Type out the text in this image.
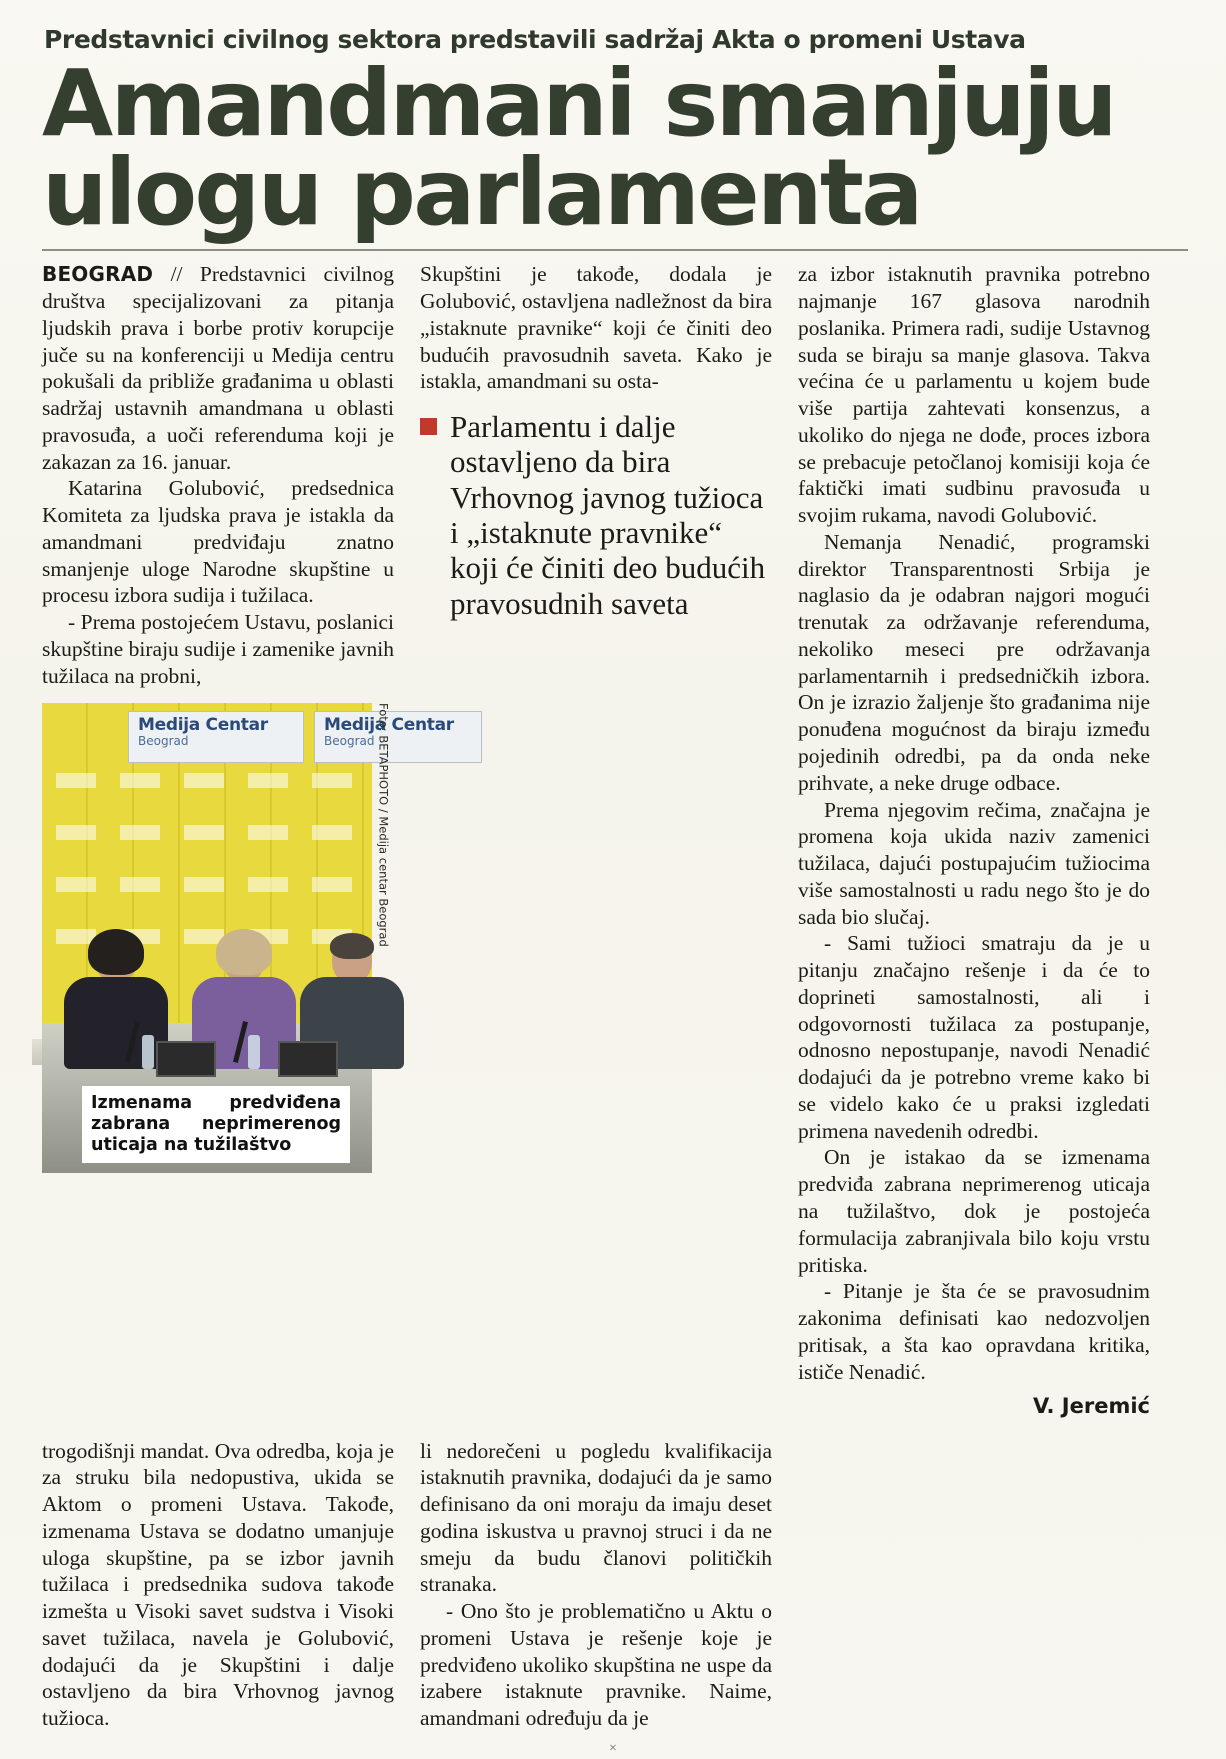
Predstavnici civilnog sektora predstavili sadržaj Akta o promeni Ustava
Amandmani smanjuju
ulogu parlamenta

BEOGRAD // Predstavnici civilnog društva specijalizovani za pitanja ljudskih prava i borbe protiv korupcije juče su na konferenciji u Medija centru pokušali da približe građanima u oblasti sadržaj ustavnih amandmana u oblasti pravosuđa, a uoči referenduma koji je zakazan za 16. januar.

Katarina Golubović, predsednica Komiteta za ljudska prava je istakla da amandmani predviđaju znatno smanjenje uloge Narodne skupštine u procesu izbora sudija i tužilaca.

- Prema postojećem Ustavu, poslanici skupštine biraju sudije i zamenike javnih tužilaca na probni,

Medija Centar
Beograd
Medija Centar
Beograd
Izmenama predviđena zabrana neprimerenog uticaja na tužilaštvo
Foto: BETAPHOTO / Medija centar Beograd

Skupštini je takođe, dodala je Golubović, ostavljena nadležnost da bira „istaknute pravnike“ koji će činiti deo budućih pravosudnih saveta. Kako je istakla, amandmani su osta-

Parlamentu i dalje ostavljeno da bira Vrhovnog javnog tužioca i „istaknute pravnike“ koji će činiti deo budućih pravosudnih saveta

za izbor istaknutih pravnika potrebno najmanje 167 glasova narodnih poslanika. Primera radi, sudije Ustavnog suda se biraju sa manje glasova. Takva većina će u parlamentu u kojem bude više partija zahtevati konsenzus, a ukoliko do njega ne dođe, proces izbora se prebacuje petočlanoj komisiji koja će faktički imati sudbinu pravosuđa u svojim rukama, navodi Golubović.

Nemanja Nenadić, programski direktor Transparentnosti Srbija je naglasio da je odabran najgori mogući trenutak za održavanje referenduma, nekoliko meseci pre održavanja parlamentarnih i predsedničkih izbora. On je izrazio žaljenje što građanima nije ponuđena mogućnost da biraju između pojedinih odredbi, pa da onda neke prihvate, a neke druge odbace.

Prema njegovim rečima, značajna je promena koja ukida naziv zamenici tužilaca, dajući postupajućim tužiocima više samostalnosti u radu nego što je do sada bio slučaj.

- Sami tužioci smatraju da je u pitanju značajno rešenje i da će to doprineti samostalnosti, ali i odgovornosti tužilaca za postupanje, odnosno nepostupanje, navodi Nenadić dodajući da je potrebno vreme kako bi se videlo kako će u praksi izgledati primena navedenih odredbi.

On je istakao da se izmenama predviđa zabrana neprimerenog uticaja na tužilaštvo, dok je postojeća formulacija zabranjivala bilo koju vrstu pritiska.

- Pitanje je šta će se pravosudnim zakonima definisati kao nedozvoljen pritisak, a šta kao opravdana kritika, ističe Nenadić.

V. Jeremić

trogodišnji mandat. Ova odredba, koja je za struku bila nedopustiva, ukida se Aktom o promeni Ustava. Takođe, izmenama Ustava se dodatno umanjuje uloga skupštine, pa se izbor javnih tužilaca i predsednika sudova takođe izmešta u Visoki savet sudstva i Visoki savet tužilaca, navela je Golubović, dodajući da je Skupštini i dalje ostavljeno da bira Vrhovnog javnog tužioca.

li nedorečeni u pogledu kvalifikacija istaknutih pravnika, dodajući da je samo definisano da oni moraju da imaju deset godina iskustva u pravnoj struci i da ne smeju da budu članovi političkih stranaka.

- Ono što je problematično u Aktu o promeni Ustava je rešenje koje je predviđeno ukoliko skupština ne uspe da izabere istaknute pravnike. Naime, amandmani određuju da je

×
